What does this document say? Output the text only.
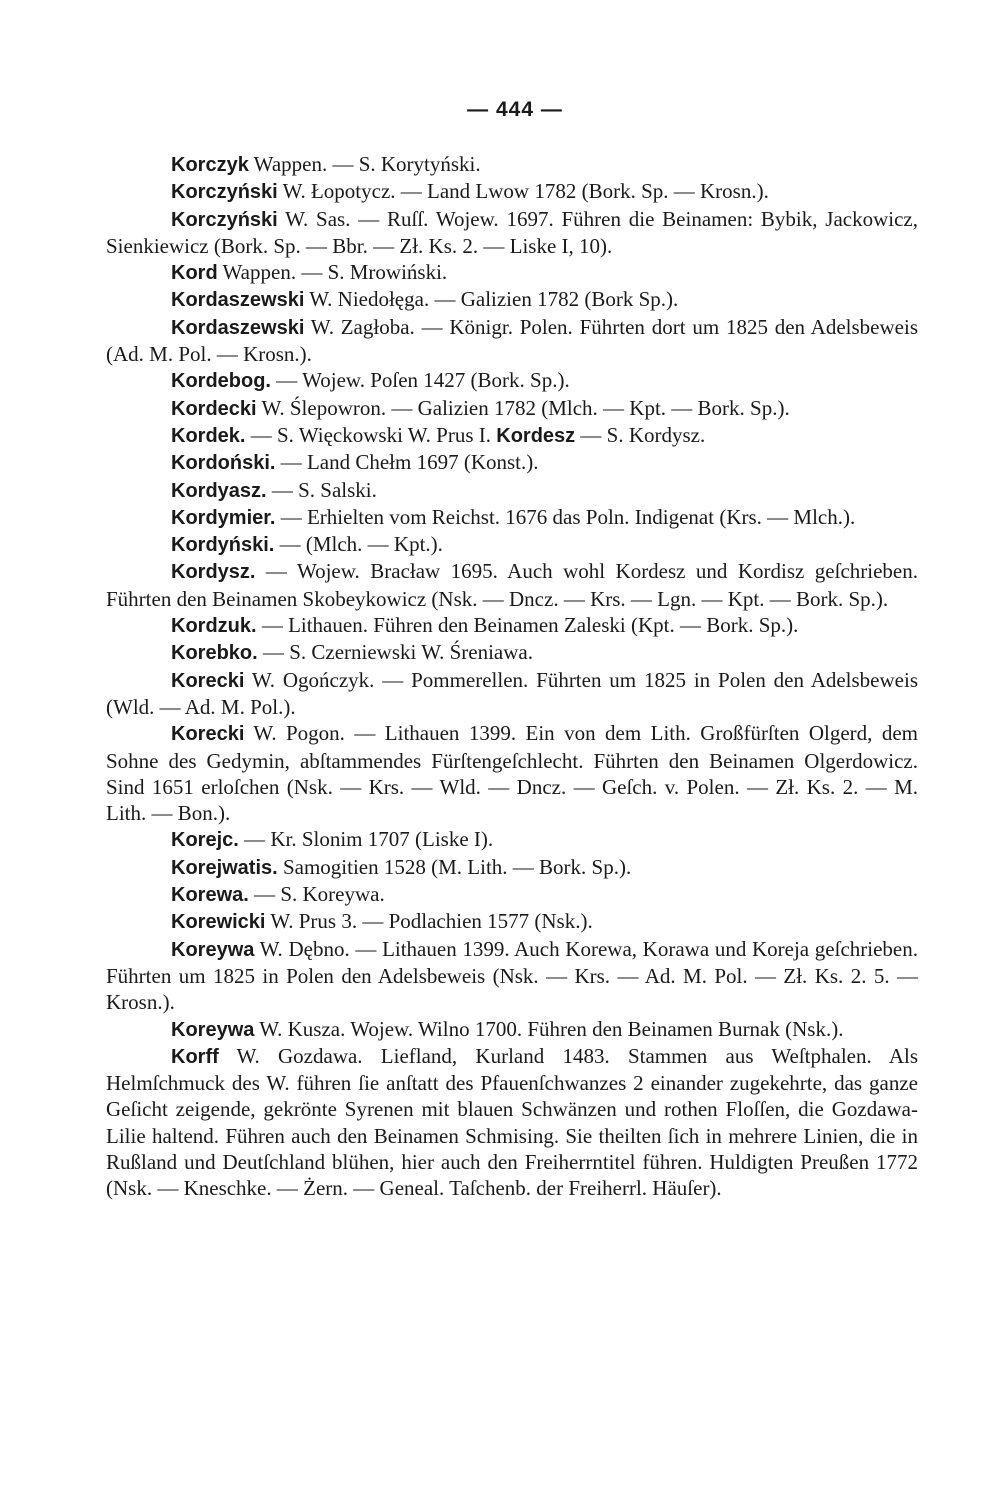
— 444 —

Korczyk Wappen. — S. Korytyński.

Korczyński W. Łopotycz. — Land Lwow 1782 (Bork. Sp. — Krosn.).

Korczyński W. Sas. — Ruſſ. Wojew. 1697. Führen die Beinamen: Bybik, Jackowicz, Sienkiewicz (Bork. Sp. — Bbr. — Zł. Ks. 2. — Liske I, 10).

Kord Wappen. — S. Mrowiński.

Kordaszewski W. Niedołęga. — Galizien 1782 (Bork Sp.).

Kordaszewski W. Zagłoba. — Königr. Polen. Führten dort um 1825 den Adelsbeweis (Ad. M. Pol. — Krosn.).

Kordebog. — Wojew. Poſen 1427 (Bork. Sp.).

Kordecki W. Ślepowron. — Galizien 1782 (Mlch. — Kpt. — Bork. Sp.).

Kordek. — S. Więckowski W. Prus I. Kordesz — S. Kordysz.

Kordoński. — Land Chełm 1697 (Konst.).

Kordyasz. — S. Salski.

Kordymier. — Erhielten vom Reichst. 1676 das Poln. Indigenat (Krs. — Mlch.).

Kordyński. — (Mlch. — Kpt.).

Kordysz. — Wojew. Bracław 1695. Auch wohl Kordesz und Kordisz geſchrieben. Führten den Beinamen Skobeykowicz (Nsk. — Dncz. — Krs. — Lgn. — Kpt. — Bork. Sp.).

Kordzuk. — Lithauen. Führen den Beinamen Zaleski (Kpt. — Bork. Sp.).

Korebko. — S. Czerniewski W. Śreniawa.

Korecki W. Ogończyk. — Pommerellen. Führten um 1825 in Polen den Adelsbeweis (Wld. — Ad. M. Pol.).

Korecki W. Pogon. — Lithauen 1399. Ein von dem Lith. Großfürſten Olgerd, dem Sohne des Gedymin, abſtammendes Fürſtengeſchlecht. Führten den Beinamen Olgerdowicz. Sind 1651 erloſchen (Nsk. — Krs. — Wld. — Dncz. — Geſch. v. Polen. — Zł. Ks. 2. — M. Lith. — Bon.).

Korejc. — Kr. Slonim 1707 (Liske I).

Korejwatis. Samogitien 1528 (M. Lith. — Bork. Sp.).

Korewa. — S. Koreywa.

Korewicki W. Prus 3. — Podlachien 1577 (Nsk.).

Koreywa W. Dębno. — Lithauen 1399. Auch Korewa, Korawa und Koreja geſchrieben. Führten um 1825 in Polen den Adelsbeweis (Nsk. — Krs. — Ad. M. Pol. — Zł. Ks. 2. 5. — Krosn.).

Koreywa W. Kusza. Wojew. Wilno 1700. Führen den Beinamen Burnak (Nsk.).

Korff W. Gozdawa. Liefland, Kurland 1483. Stammen aus Weſtphalen. Als Helmſchmuck des W. führen ſie anſtatt des Pfauenſchwanzes 2 einander zugekehrte, das ganze Geſicht zeigende, gekrönte Syrenen mit blauen Schwänzen und rothen Floſſen, die Gozdawa-Lilie haltend. Führen auch den Beinamen Schmising. Sie theilten ſich in mehrere Linien, die in Rußland und Deutſchland blühen, hier auch den Freiherrntitel führen. Huldigten Preußen 1772 (Nsk. — Kneschke. — Żern. — Geneal. Taſchenb. der Freiherrl. Häuſer).
